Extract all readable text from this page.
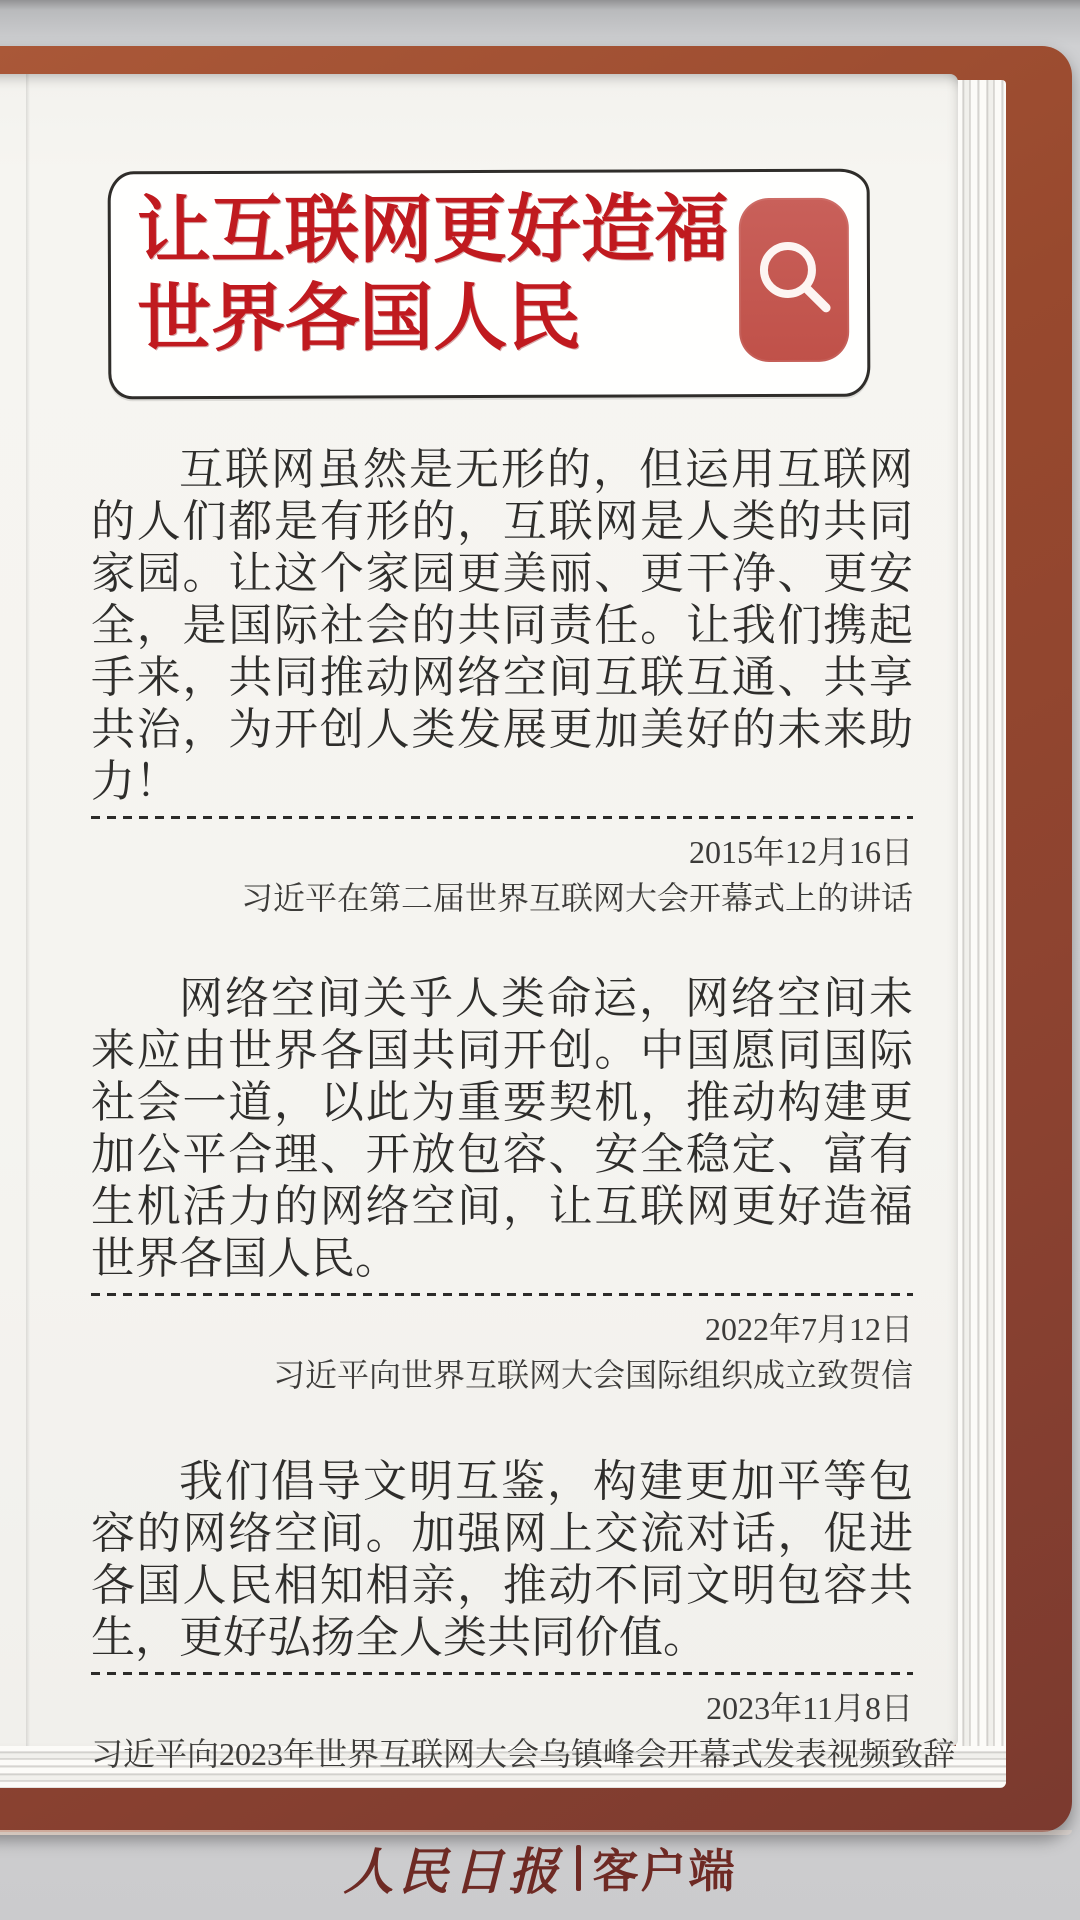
让互联网更好造福
世界各国人民

互联网虽然是无形的，但运用互联网的人们都是有形的，互联网是人类的共同家园。让这个家园更美丽、更干净、更安全，是国际社会的共同责任。让我们携起手来，共同推动网络空间互联互通、共享共治，为开创人类发展更加美好的未来助力！

2015年12月16日
习近平在第二届世界互联网大会开幕式上的讲话

网络空间关乎人类命运，网络空间未来应由世界各国共同开创。中国愿同国际社会一道，以此为重要契机，推动构建更加公平合理、开放包容、安全稳定、富有生机活力的网络空间，让互联网更好造福世界各国人民。

2022年7月12日
习近平向世界互联网大会国际组织成立致贺信

我们倡导文明互鉴，构建更加平等包容的网络空间。加强网上交流对话，促进各国人民相知相亲，推动不同文明包容共生，更好弘扬全人类共同价值。

2023年11月8日
习近平向2023年世界互联网大会乌镇峰会开幕式发表视频致辞
人民日报 客户端
